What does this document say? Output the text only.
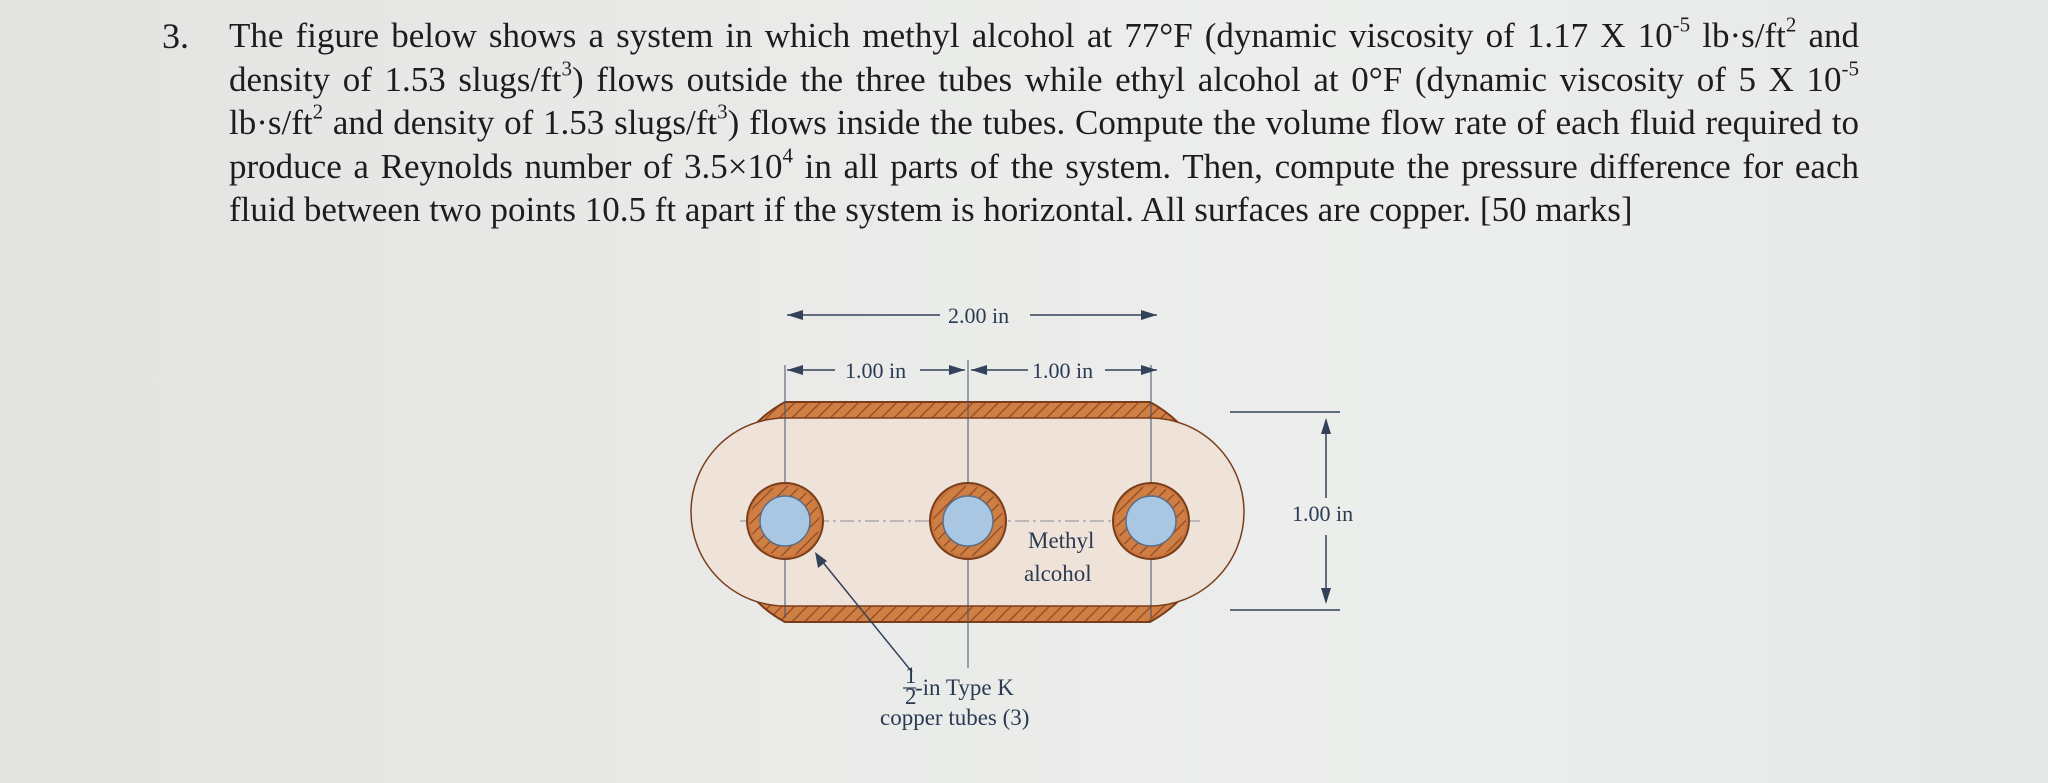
3. The figure below shows a system in which methyl alcohol at 77°F (dynamic viscosity of 1.17 X $10^{-5}$ $lb\cdot s/ft^2$ and density of 1.53 slugs/$ft^3$) flows outside the three tubes while ethyl alcohol at 0°F (dynamic viscosity of 5 X $10^{-5}$ $lb\cdot s/ft^2$ and density of 1.53 slugs/$ft^3$) flows inside the tubes. Compute the volume flow rate of each fluid required to produce a Reynolds number of $3.5\times 10^4$ in all parts of the system. Then, compute the pressure difference for each fluid between two points 10.5 ft apart if the system is horizontal. All surfaces are copper. [50 marks]
2.00 in
1.00 in	1.00 in
1.00 in
Methyl
alcohol
1
2
-in Type K
copper tubes (3)
